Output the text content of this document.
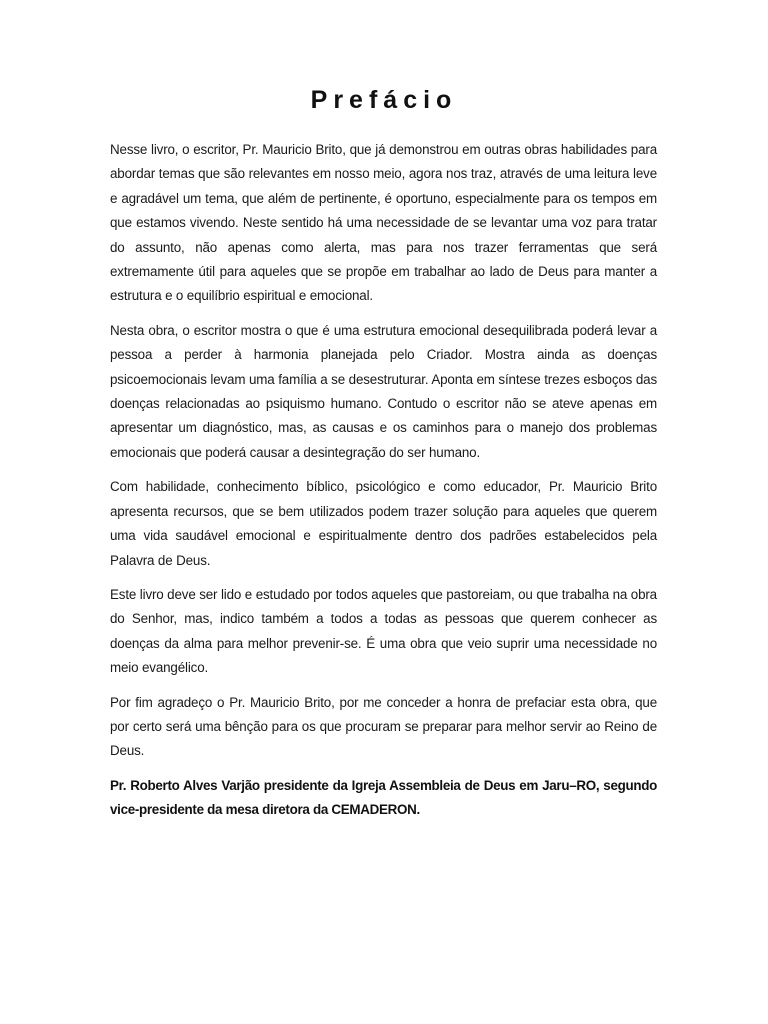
Prefácio

Nesse livro, o escritor, Pr. Mauricio Brito, que já demonstrou em outras obras habilidades para abordar temas que são relevantes em nosso meio, agora nos traz, através de uma leitura leve e agradável um tema, que além de pertinente, é oportuno, especialmente para os tempos em que estamos vivendo. Neste sentido há uma necessidade de se levantar uma voz para tratar do assunto, não apenas como alerta, mas para nos trazer ferramentas que será extremamente útil para aqueles que se propõe em trabalhar ao lado de Deus para manter a estrutura e o equilíbrio espiritual e emocional.

Nesta obra, o escritor mostra o que é uma estrutura emocional desequilibrada poderá levar a pessoa a perder à harmonia planejada pelo Criador. Mostra ainda as doenças psicoemocionais levam uma família a se desestruturar. Aponta em síntese trezes esboços das doenças relacionadas ao psiquismo humano. Contudo o escritor não se ateve apenas em apresentar um diagnóstico, mas, as causas e os caminhos para o manejo dos problemas emocionais que poderá causar a desintegração do ser humano.

Com habilidade, conhecimento bíblico, psicológico e como educador, Pr. Mauricio Brito apresenta recursos, que se bem utilizados podem trazer solução para aqueles que querem uma vida saudável emocional e espiritualmente dentro dos padrões estabelecidos pela Palavra de Deus.

Este livro deve ser lido e estudado por todos aqueles que pastoreiam, ou que trabalha na obra do Senhor, mas, indico também a todos a todas as pessoas que querem conhecer as doenças da alma para melhor prevenir-se. É uma obra que veio suprir uma necessidade no meio evangélico.

Por fim agradeço o Pr. Mauricio Brito, por me conceder a honra de prefaciar esta obra, que por certo será uma bênção para os que procuram se preparar para melhor servir ao Reino de Deus.

Pr. Roberto Alves Varjão presidente da Igreja Assembleia de Deus em Jaru–RO, segundo vice-presidente da mesa diretora da CEMADERON.
